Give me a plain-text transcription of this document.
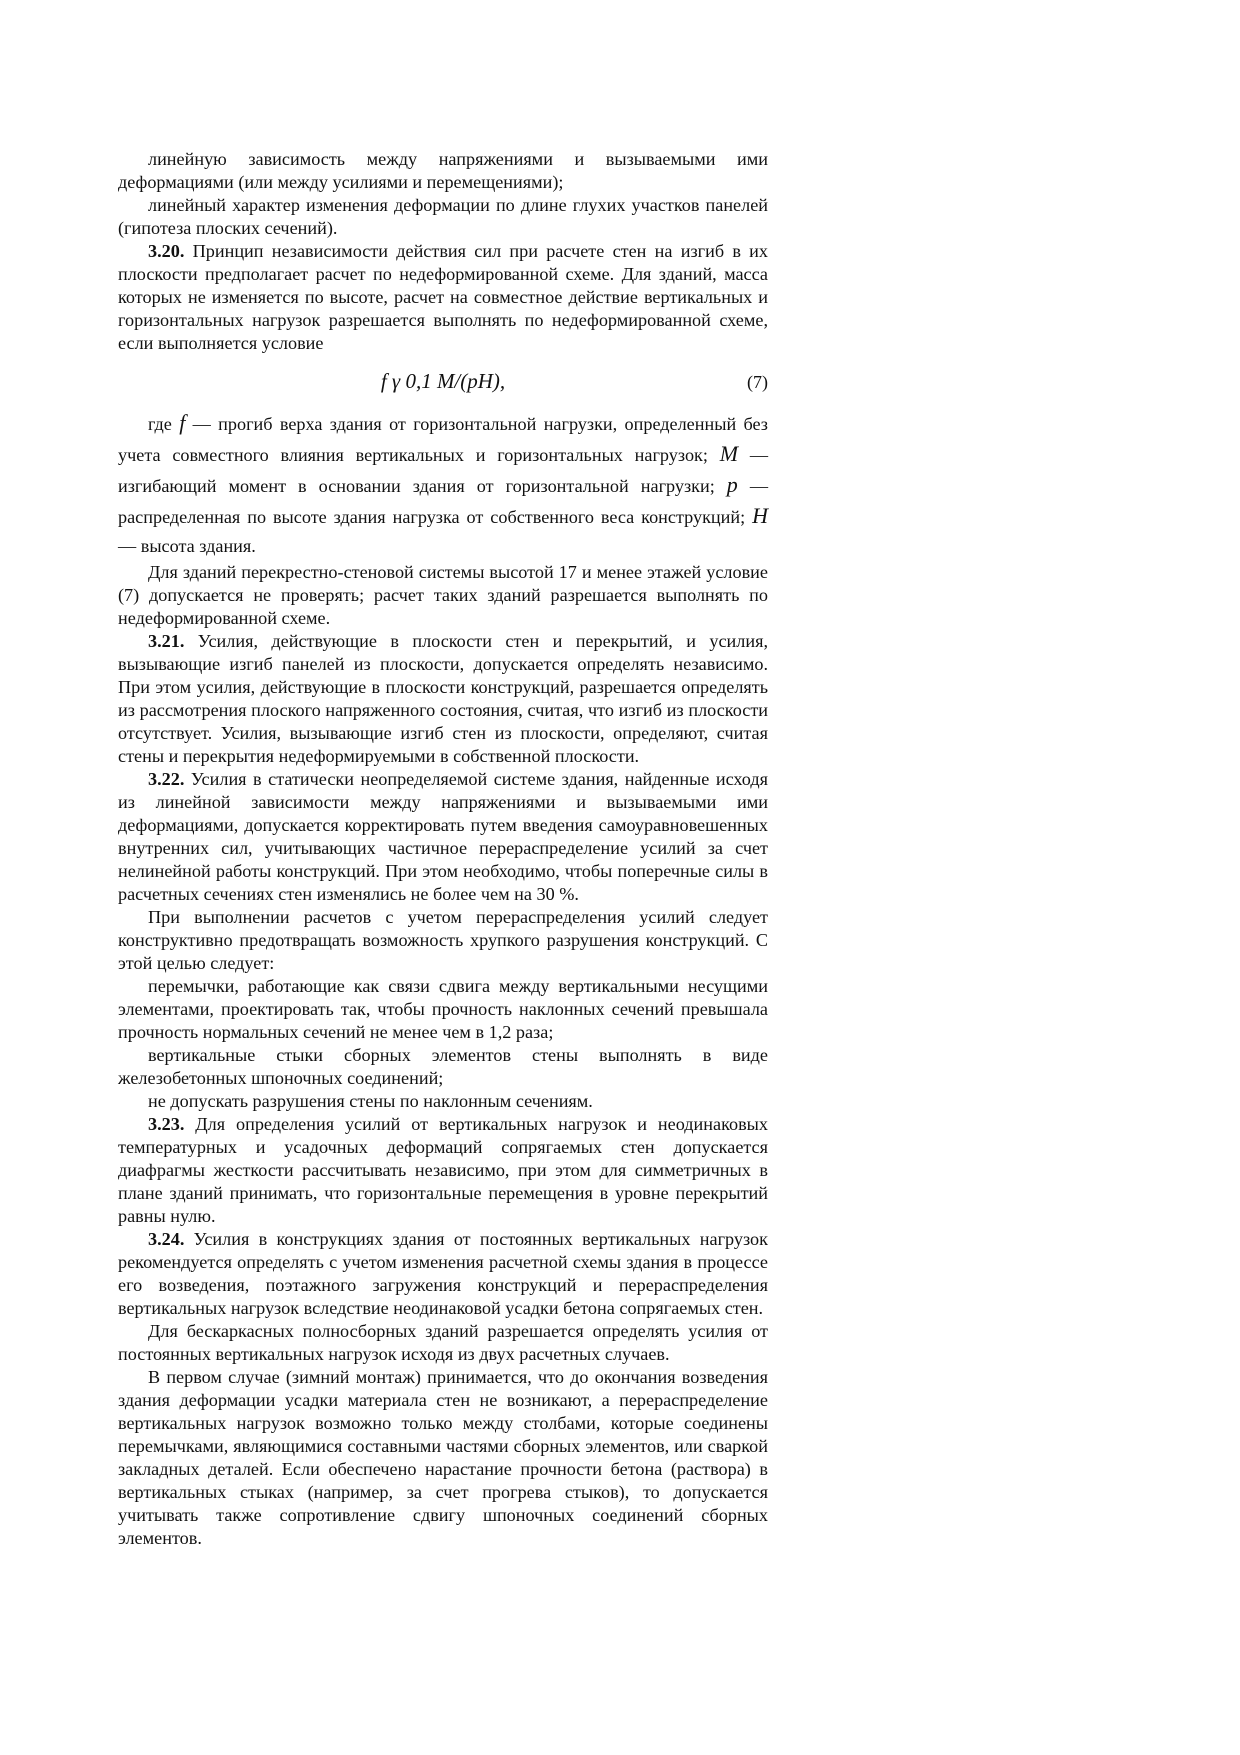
линейную зависимость между напряжениями и вызываемыми ими деформациями (или между усилиями и перемещениями);

линейный характер изменения деформации по длине глухих участков панелей (гипотеза плоских сечений).

3.20. Принцип независимости действия сил при расчете стен на изгиб в их плоскости предполагает расчет по недеформированной схеме. Для зданий, масса которых не изменяется по высоте, расчет на совместное действие вертикальных и горизонтальных нагрузок разрешается выполнять по недеформированной схеме, если выполняется условие

f γ 0,1 M/(pH),	(7)

где f — прогиб верха здания от горизонтальной нагрузки, определенный без учета совместного влияния вертикальных и горизонтальных нагрузок; M — изгибающий момент в основании здания от горизонтальной нагрузки; p — распределенная по высоте здания нагрузка от собственного веса конструкций; H — высота здания.

Для зданий перекрестно-стеновой системы высотой 17 и менее этажей условие (7) допускается не проверять; расчет таких зданий разрешается выполнять по недеформированной схеме.

3.21. Усилия, действующие в плоскости стен и перекрытий, и усилия, вызывающие изгиб панелей из плоскости, допускается определять независимо. При этом усилия, действующие в плоскости конструкций, разрешается определять из рассмотрения плоского напряженного состояния, считая, что изгиб из плоскости отсутствует. Усилия, вызывающие изгиб стен из плоскости, определяют, считая стены и перекрытия недеформируемыми в собственной плоскости.

3.22. Усилия в статически неопределяемой системе здания, найденные исходя из линейной зависимости между напряжениями и вызываемыми ими деформациями, допускается корректировать путем введения самоуравновешенных внутренних сил, учитывающих частичное перераспределение усилий за счет нелинейной работы конструкций. При этом необходимо, чтобы поперечные силы в расчетных сечениях стен изменялись не более чем на 30 %.

При выполнении расчетов с учетом перераспределения усилий следует конструктивно предотвращать возможность хрупкого разрушения конструкций. С этой целью следует:

перемычки, работающие как связи сдвига между вертикальными несущими элементами, проектировать так, чтобы прочность наклонных сечений превышала прочность нормальных сечений не менее чем в 1,2 раза;

вертикальные стыки сборных элементов стены выполнять в виде железобетонных шпоночных соединений;

не допускать разрушения стены по наклонным сечениям.

3.23. Для определения усилий от вертикальных нагрузок и неодинаковых температурных и усадочных деформаций сопрягаемых стен допускается диафрагмы жесткости рассчитывать независимо, при этом для симметричных в плане зданий принимать, что горизонтальные перемещения в уровне перекрытий равны нулю.

3.24. Усилия в конструкциях здания от постоянных вертикальных нагрузок рекомендуется определять с учетом изменения расчетной схемы здания в процессе его возведения, поэтажного загружения конструкций и перераспределения вертикальных нагрузок вследствие неодинаковой усадки бетона сопрягаемых стен.

Для бескаркасных полносборных зданий разрешается определять усилия от постоянных вертикальных нагрузок исходя из двух расчетных случаев.

В первом случае (зимний монтаж) принимается, что до окончания возведения здания деформации усадки материала стен не возникают, а перераспределение вертикальных нагрузок возможно только между столбами, которые соединены перемычками, являющимися составными частями сборных элементов, или сваркой закладных деталей. Если обеспечено нарастание прочности бетона (раствора) в вертикальных стыках (например, за счет прогрева стыков), то допускается учитывать также сопротивление сдвигу шпоночных соединений сборных элементов.
